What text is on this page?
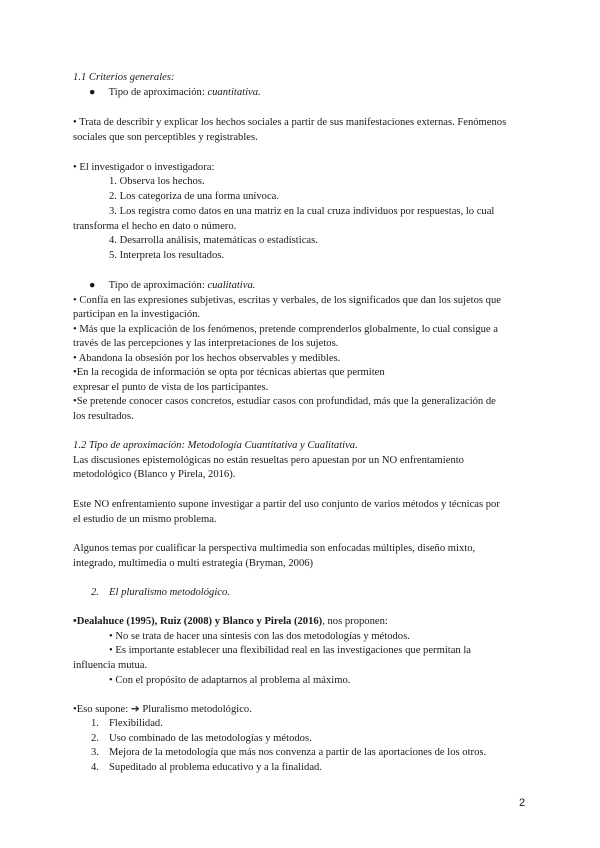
1.1 Criterios generales:
●     Tipo de aproximación: cuantitativa.
• Trata de describir y explicar los hechos sociales a partir de sus manifestaciones externas. Fenómenos
sociales que son perceptibles y registrables.
• El investigador o investigadora:
1. Observa los hechos.
2. Los categoriza de una forma unívoca.
3. Los registra como datos en una matriz en la cual cruza individuos por respuestas, lo cual
transforma el hecho en dato o número.
4. Desarrolla análisis, matemáticas o estadísticas.
5. Interpreta los resultados.
●     Tipo de aproximación: cualitativa.
• Confía en las expresiones subjetivas, escritas y verbales, de los significados que dan los sujetos que
participan en la investigación.
• Más que la explicación de los fenómenos, pretende comprenderlos globalmente, lo cual consigue a
través de las percepciones y las interpretaciones de los sujetos.
• Abandona la obsesión por los hechos observables y medibles.
•En la recogida de información se opta por técnicas abiertas que permiten
expresar el punto de vista de los participantes.
•Se pretende conocer casos concretos, estudiar casos con profundidad, más que la generalización de
los resultados.
1.2 Tipo de aproximación: Metodología Cuantitativa y Cualitativa.
Las discusiones epistemológicas no están resueltas pero apuestan por un NO enfrentamiento
metodológico (Blanco y Pirela, 2016).
Este NO enfrentamiento supone investigar a partir del uso conjunto de varios métodos y técnicas por
el estudio de un mismo problema.
Algunos temas por cualificar la perspectiva multimedia son enfocadas múltiples, diseño mixto,
integrado, multimedia o multi estrategia (Bryman, 2006)
2. El pluralismo metodológico.
•Dealahuce (1995), Ruiz (2008) y Blanco y Pirela (2016), nos proponen:
• No se trata de hacer una síntesis con las dos metodologías y métodos.
• Es importante establecer una flexibilidad real en las investigaciones que permitan la
influencia mutua.
• Con el propósito de adaptarnos al problema al máximo.
•Eso supone: ➔ Pluralismo metodológico.
1. Flexibilidad.
2. Uso combinado de las metodologías y métodos.
3. Mejora de la metodología que más nos convenza a partir de las aportaciones de los otros.
4. Supeditado al problema educativo y a la finalidad.
2
